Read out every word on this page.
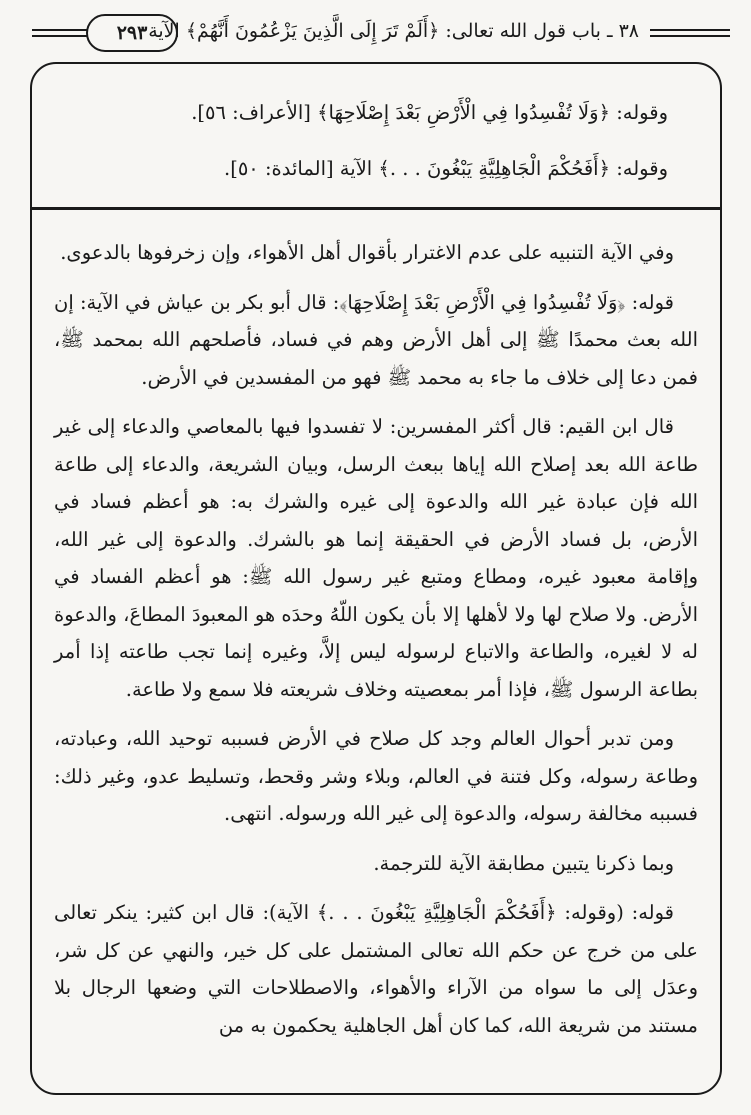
٢٩٣ ٣٨ ـ باب قول الله تعالى: ﴿أَلَمْ تَرَ إِلَى الَّذِينَ يَزْعُمُونَ أَنَّهُمْ﴾ الآية

وقوله: ﴿وَلَا تُفْسِدُوا فِي الْأَرْضِ بَعْدَ إِصْلَاحِهَا﴾ [الأعراف: ٥٦].

وقوله: ﴿أَفَحُكْمَ الْجَاهِلِيَّةِ يَبْغُونَ . . .﴾ الآية [المائدة: ٥٠].

وفي الآية التنبيه على عدم الاغترار بأقوال أهل الأهواء، وإن زخرفوها بالدعوى.

قوله: ﴿وَلَا تُفْسِدُوا فِي الْأَرْضِ بَعْدَ إِصْلَاحِهَا﴾: قال أبو بكر بن عياش في الآية: إن الله بعث محمدًا ﷺ إلى أهل الأرض وهم في فساد، فأصلحهم الله بمحمد ﷺ، فمن دعا إلى خلاف ما جاء به محمد ﷺ فهو من المفسدين في الأرض.

قال ابن القيم: قال أكثر المفسرين: لا تفسدوا فيها بالمعاصي والدعاء إلى غير طاعة الله بعد إصلاح الله إياها ببعث الرسل، وبيان الشريعة، والدعاء إلى طاعة الله فإن عبادة غير الله والدعوة إلى غيره والشرك به: هو أعظم فساد في الأرض، بل فساد الأرض في الحقيقة إنما هو بالشرك. والدعوة إلى غير الله، وإقامة معبود غيره، ومطاع ومتبع غير رسول الله ﷺ: هو أعظم الفساد في الأرض. ولا صلاح لها ولا لأهلها إلا بأن يكون اللّهُ وحدَه هو المعبودَ المطاعَ، والدعوة له لا لغيره، والطاعة والاتباع لرسوله ليس إلاَّ، وغيره إنما تجب طاعته إذا أمر بطاعة الرسول ﷺ، فإذا أمر بمعصيته وخلاف شريعته فلا سمع ولا طاعة.

ومن تدبر أحوال العالم وجد كل صلاح في الأرض فسببه توحيد الله، وعبادته، وطاعة رسوله، وكل فتنة في العالم، وبلاء وشر وقحط، وتسليط عدو، وغير ذلك: فسببه مخالفة رسوله، والدعوة إلى غير الله ورسوله. انتهى.

وبما ذكرنا يتبين مطابقة الآية للترجمة.

قوله: (وقوله: ﴿أَفَحُكْمَ الْجَاهِلِيَّةِ يَبْغُونَ . . .﴾ الآية): قال ابن كثير: ينكر تعالى على من خرج عن حكم الله تعالى المشتمل على كل خير، والنهي عن كل شر، وعدَل إلى ما سواه من الآراء والأهواء، والاصطلاحات التي وضعها الرجال بلا مستند من شريعة الله، كما كان أهل الجاهلية يحكمون به من
